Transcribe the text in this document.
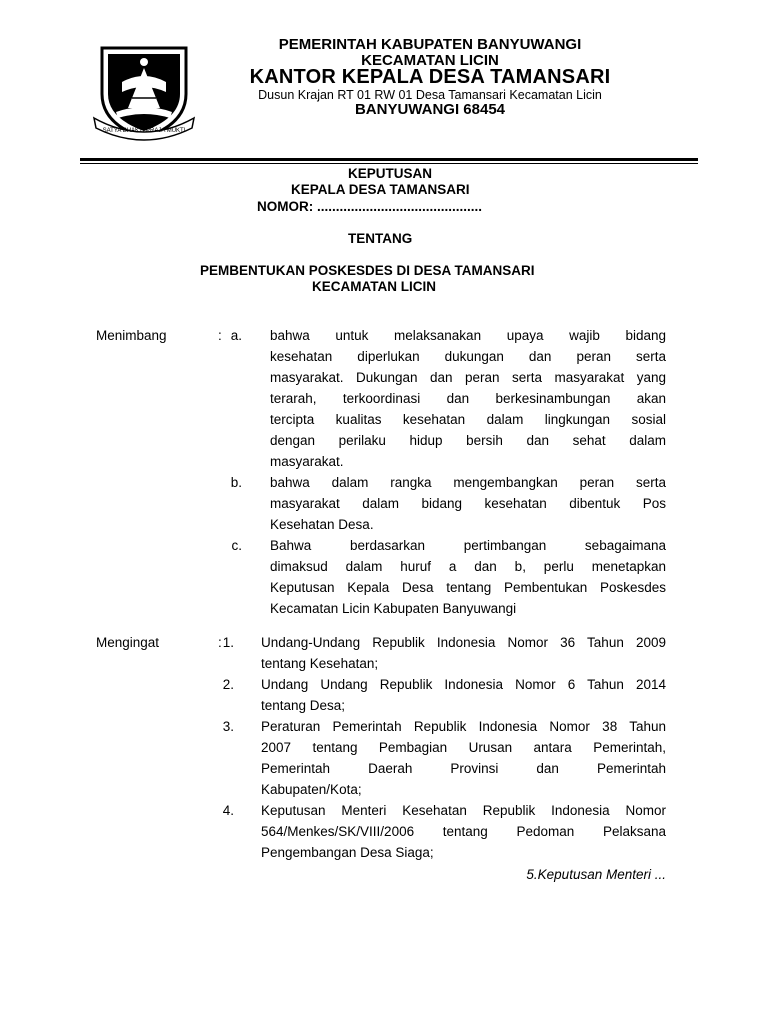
SATYA BHAKTI PRAJA MUKTI
PEMERINTAH KABUPATEN BANYUWANGI
KECAMATAN LICIN
KANTOR KEPALA DESA TAMANSARI
Dusun Krajan RT 01 RW 01 Desa Tamansari Kecamatan Licin
BANYUWANGI 68454
KEPUTUSAN
KEPALA DESA TAMANSARI
NOMOR: ............................................
TENTANG
PEMBENTUKAN POSKESDES DI DESA TAMANSARI
KECAMATAN LICIN
Menimbang	: a. bahwa untuk melaksanakan upaya wajib bidang
kesehatan diperlukan dukungan dan peran serta
masyarakat. Dukungan dan peran serta masyarakat yang
terarah, terkoordinasi dan berkesinambungan akan
tercipta kualitas kesehatan dalam lingkungan sosial
dengan perilaku hidup bersih dan sehat dalam
masyarakat.
b. bahwa dalam rangka mengembangkan peran serta
masyarakat dalam bidang kesehatan dibentuk Pos
Kesehatan Desa.
c. Bahwa berdasarkan pertimbangan sebagaimana
dimaksud dalam huruf a dan b, perlu menetapkan
Keputusan Kepala Desa tentang Pembentukan Poskesdes
Kecamatan Licin Kabupaten Banyuwangi
Mengingat	: 1. Undang-Undang Republik Indonesia Nomor 36 Tahun 2009
tentang Kesehatan;
2. Undang Undang Republik Indonesia Nomor 6 Tahun 2014
tentang Desa;
3. Peraturan Pemerintah Republik Indonesia Nomor 38 Tahun
2007 tentang Pembagian Urusan antara Pemerintah,
Pemerintah Daerah Provinsi dan Pemerintah
Kabupaten/Kota;
4. Keputusan Menteri Kesehatan Republik Indonesia Nomor
564/Menkes/SK/VIII/2006 tentang Pedoman Pelaksana
Pengembangan Desa Siaga;
5.Keputusan Menteri ...
